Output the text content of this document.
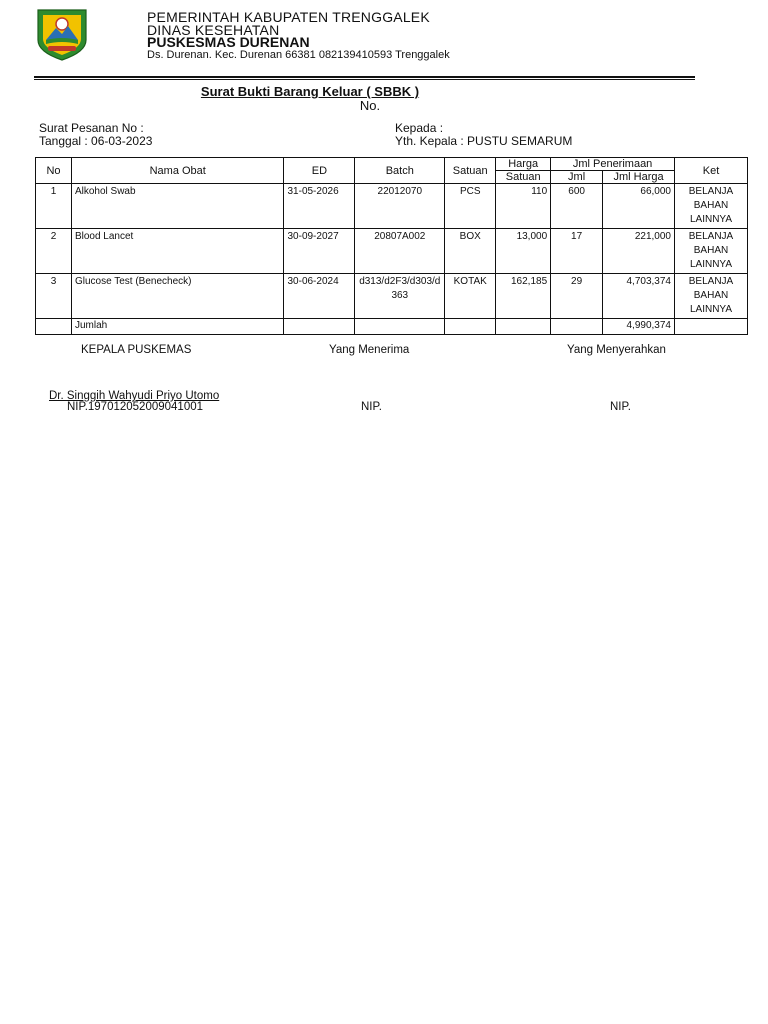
PEMERINTAH KABUPATEN TRENGGALEK
DINAS KESEHATAN
PUSKESMAS DURENAN
Ds. Durenan. Kec. Durenan 66381 082139410593 Trenggalek
Surat Bukti Barang Keluar ( SBBK )
No.
Surat Pesanan No :
Tanggal : 06-03-2023
Kepada :
Yth. Kepala : PUSTU SEMARUM
No	Nama Obat	ED	Batch	Satuan	Harga	Jml Penerimaan		Ket
					Satuan	Jml	Jml Harga	
1	Alkohol Swab	31-05-2026	22012070	PCS	110	600	66,000	BELANJA BAHAN LAINNYA
2	Blood Lancet	30-09-2027	20807A002	BOX	13,000	17	221,000	BELANJA BAHAN LAINNYA
3	Glucose Test (Benecheck)	30-06-2024	d313/d2F3/d303/d363	KOTAK	162,185	29	4,703,374	BELANJA BAHAN LAINNYA
	Jumlah						4,990,374	
KEPALA PUSKEMAS	Yang Menerima	Yang Menyerahkan
Dr. Singgih Wahyudi Priyo Utomo
NIP.197012052009041001	NIP.	NIP.
